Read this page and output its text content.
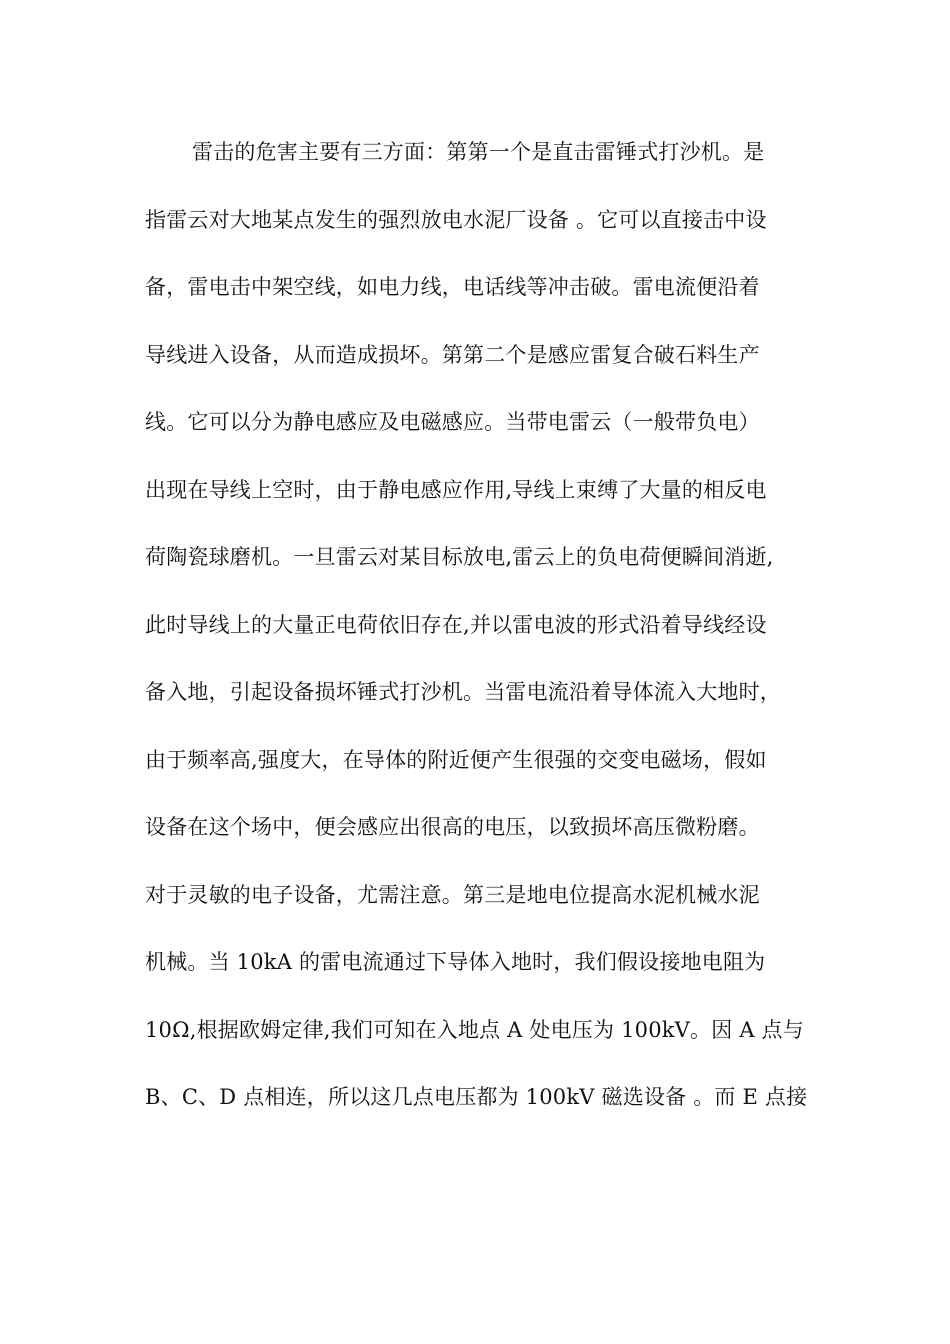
雷击的危害主要有三方面：第第一个是直击雷锤式打沙机。是
指雷云对大地某点发生的强烈放电水泥厂设备 。它可以直接击中设
备，雷电击中架空线，如电力线，电话线等冲击破。雷电流便沿着
导线进入设备，从而造成损坏。第第二个是感应雷复合破石料生产
线。它可以分为静电感应及电磁感应。当带电雷云（一般带负电）
出现在导线上空时，由于静电感应作用,导线上束缚了大量的相反电
荷陶瓷球磨机。一旦雷云对某目标放电,雷云上的负电荷便瞬间消逝,
此时导线上的大量正电荷依旧存在,并以雷电波的形式沿着导线经设
备入地，引起设备损坏锤式打沙机。当雷电流沿着导体流入大地时，
由于频率高,强度大，在导体的附近便产生很强的交变电磁场，假如
设备在这个场中，便会感应出很高的电压，以致损坏高压微粉磨。
对于灵敏的电子设备，尤需注意。第三是地电位提高水泥机械水泥
机械。当 10kA 的雷电流通过下导体入地时，我们假设接地电阻为
10Ω,根据欧姆定律,我们可知在入地点 A 处电压为 100kV。因 A 点与
B、C、D 点相连，所以这几点电压都为 100kV 磁选设备 。而 E 点接
